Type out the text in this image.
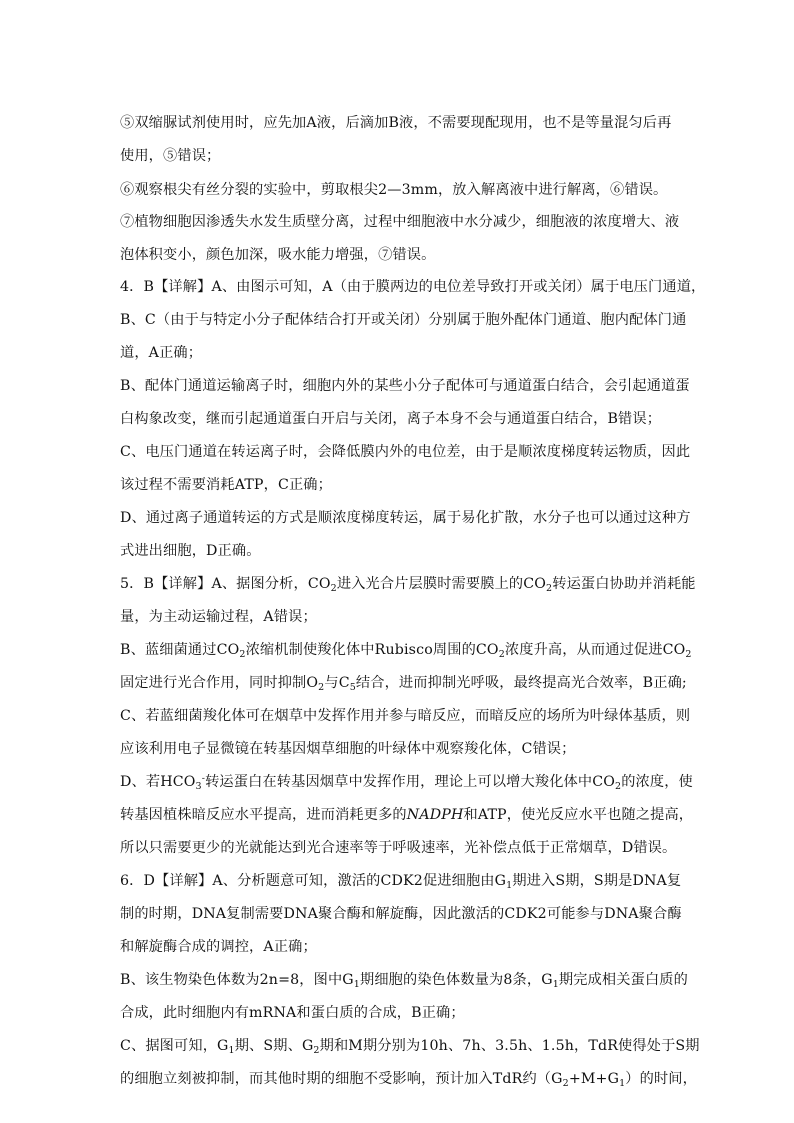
⑤双缩脲试剂使用时，应先加A液，后滴加B液，不需要现配现用，也不是等量混匀后再
使用，⑤错误；
⑥观察根尖有丝分裂的实验中，剪取根尖2—3mm，放入解离液中进行解离，⑥错误。
⑦植物细胞因渗透失水发生质壁分离，过程中细胞液中水分减少，细胞液的浓度增大、液
泡体积变小，颜色加深，吸水能力增强，⑦错误。
4．B【详解】A、由图示可知，A（由于膜两边的电位差导致打开或关闭）属于电压门通道，
B、C（由于与特定小分子配体结合打开或关闭）分别属于胞外配体门通道、胞内配体门通
道，A正确；
B、配体门通道运输离子时，细胞内外的某些小分子配体可与通道蛋白结合，会引起通道蛋
白构象改变，继而引起通道蛋白开启与关闭，离子本身不会与通道蛋白结合，B错误；
C、电压门通道在转运离子时，会降低膜内外的电位差，由于是顺浓度梯度转运物质，因此
该过程不需要消耗ATP，C正确；
D、通过离子通道转运的方式是顺浓度梯度转运，属于易化扩散，水分子也可以通过这种方
式进出细胞，D正确。
5．B【详解】A、据图分析，$CO_2$进入光合片层膜时需要膜上的$CO_2$转运蛋白协助并消耗能
量，为主动运输过程，A错误；
B、蓝细菌通过$CO_2$浓缩机制使羧化体中Rubisco周围的$CO_2$浓度升高，从而通过促进$CO_2$
固定进行光合作用，同时抑制$O_2$与$C_5$结合，进而抑制光呼吸，最终提高光合效率，B正确;
C、若蓝细菌羧化体可在烟草中发挥作用并参与暗反应，而暗反应的场所为叶绿体基质，则
应该利用电子显微镜在转基因烟草细胞的叶绿体中观察羧化体，C错误；
D、若$HCO_3^-$转运蛋白在转基因烟草中发挥作用，理论上可以增大羧化体中$CO_2$的浓度，使
转基因植株暗反应水平提高，进而消耗更多的NADPH和ATP，使光反应水平也随之提高，
所以只需要更少的光就能达到光合速率等于呼吸速率，光补偿点低于正常烟草，D错误。
6．D【详解】A、分析题意可知，激活的CDK2促进细胞由$G_1$期进入S期，S期是DNA复
制的时期，DNA复制需要DNA聚合酶和解旋酶，因此激活的CDK2可能参与DNA聚合酶
和解旋酶合成的调控，A正确；
B、该生物染色体数为2n=8，图中$G_1$期细胞的染色体数量为8条，$G_1$期完成相关蛋白质的
合成，此时细胞内有mRNA和蛋白质的合成，B正确；
C、据图可知，$G_1$期、S期、$G_2$期和M期分别为10h、7h、3.5h、1.5h，TdR使得处于S期
的细胞立刻被抑制，而其他时期的细胞不受影响，预计加入TdR约$(G_2+M+G_1)$的时间，
